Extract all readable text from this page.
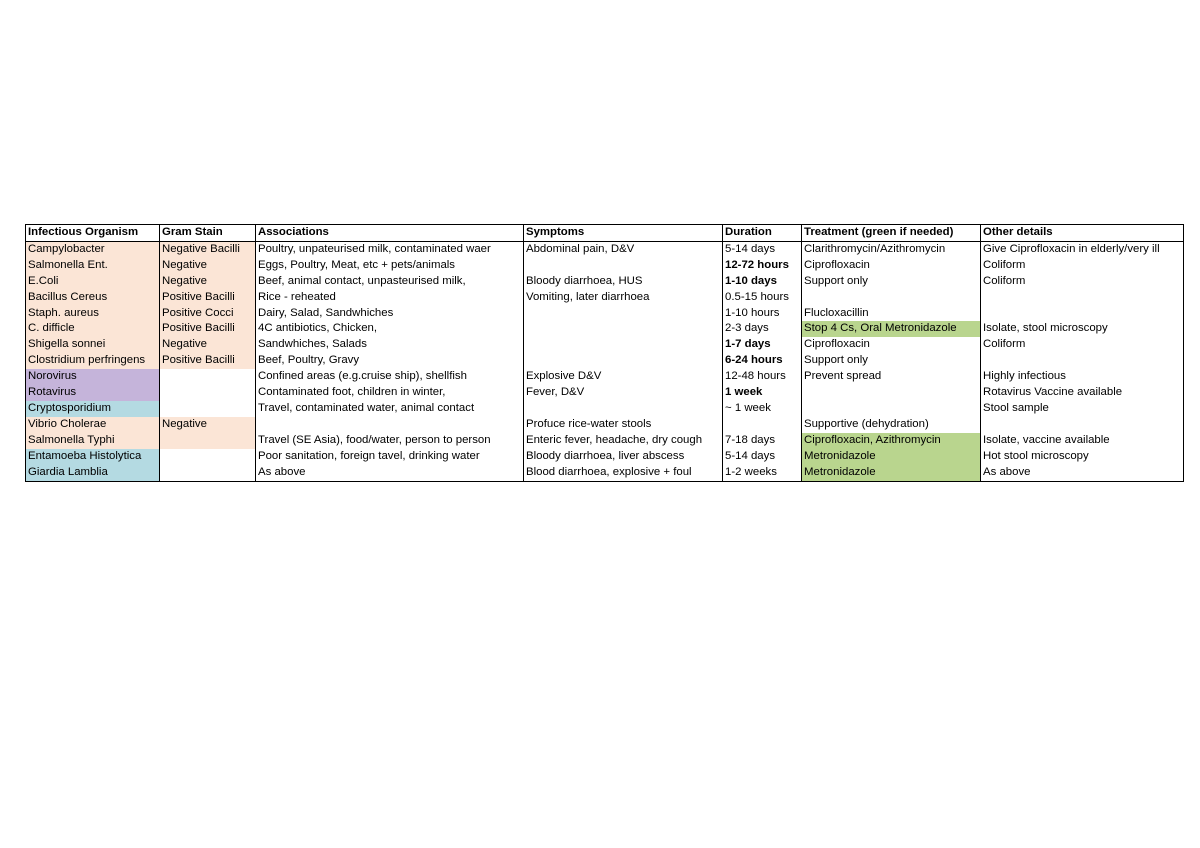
Infectious Organism	Gram Stain	Associations	Symptoms	Duration	Treatment (green if needed)	Other details
Campylobacter	Negative Bacilli	Poultry, unpateurised milk, contaminated waer	Abdominal pain, D&V	5-14 days	Clarithromycin/Azithromycin	Give Ciprofloxacin in elderly/very ill
Salmonella Ent.	Negative	Eggs, Poultry, Meat, etc + pets/animals		12-72 hours	Ciprofloxacin	Coliform
E.Coli	Negative	Beef, animal contact, unpasteurised milk,	Bloody diarrhoea, HUS	1-10 days	Support only	Coliform
Bacillus Cereus	Positive Bacilli	Rice - reheated	Vomiting, later diarrhoea	0.5-15 hours		
Staph. aureus	Positive Cocci	Dairy, Salad, Sandwhiches		1-10 hours	Flucloxacillin	
C. difficle	Positive Bacilli	4C antibiotics, Chicken,		2-3 days	Stop 4 Cs, Oral Metronidazole	Isolate, stool microscopy
Shigella sonnei	Negative	Sandwhiches, Salads		1-7 days	Ciprofloxacin	Coliform
Clostridium perfringens	Positive Bacilli	Beef, Poultry, Gravy		6-24 hours	Support only	
Norovirus		Confined areas (e.g.cruise ship), shellfish	Explosive D&V	12-48 hours	Prevent spread	Highly infectious
Rotavirus		Contaminated foot, children in winter,	Fever, D&V	1 week		Rotavirus Vaccine available
Cryptosporidium		Travel, contaminated water, animal contact		~ 1 week		Stool sample
Vibrio Cholerae	Negative		Profuce rice-water stools		Supportive (dehydration)	
Salmonella Typhi		Travel (SE Asia), food/water, person to person	Enteric fever, headache, dry cough	7-18 days	Ciprofloxacin, Azithromycin	Isolate, vaccine available
Entamoeba Histolytica		Poor sanitation, foreign tavel, drinking water	Bloody diarrhoea, liver abscess	5-14 days	Metronidazole	Hot stool microscopy
Giardia Lamblia		As above	Blood diarrhoea, explosive + foul	1-2 weeks	Metronidazole	As above
